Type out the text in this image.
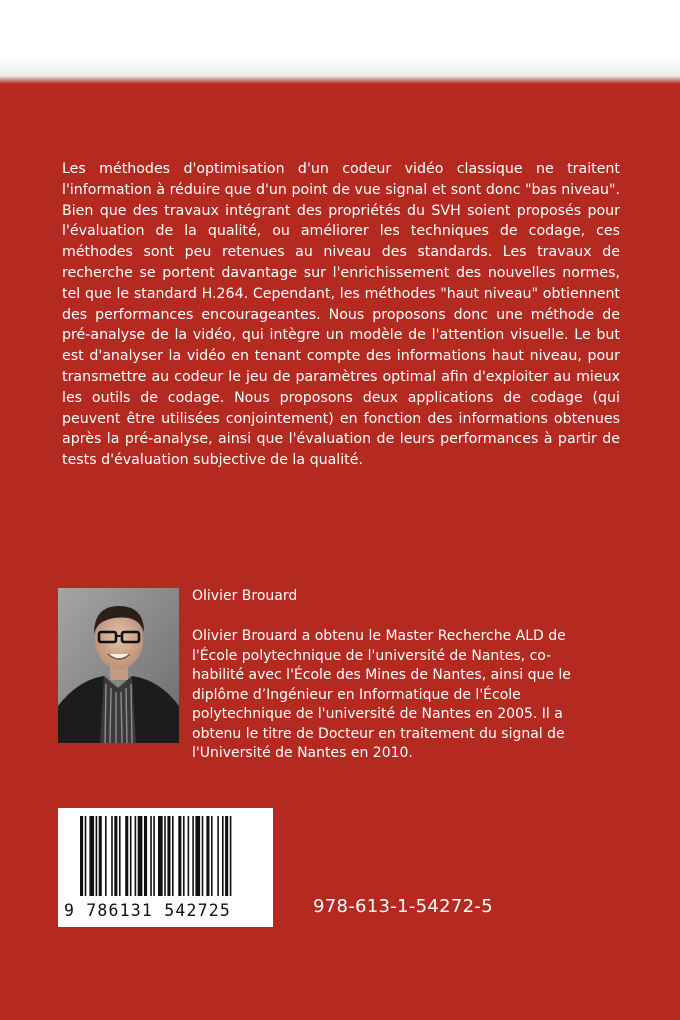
Les méthodes d'optimisation d'un codeur vidéo classique ne traitent l'information à réduire que d'un point de vue signal et sont donc "bas niveau". Bien que des travaux intégrant des propriétés du SVH soient proposés pour l'évaluation de la qualité, ou améliorer les techniques de codage, ces méthodes sont peu retenues au niveau des standards. Les travaux de recherche se portent davantage sur l'enrichissement des nouvelles normes, tel que le standard H.264. Cependant, les méthodes "haut niveau" obtiennent des performances encourageantes. Nous proposons donc une méthode de pré-analyse de la vidéo, qui intègre un modèle de l'attention visuelle. Le but est d'analyser la vidéo en tenant compte des informations haut niveau, pour transmettre au codeur le jeu de paramètres optimal afin d'exploiter au mieux les outils de codage. Nous proposons deux applications de codage (qui peuvent être utilisées conjointement) en fonction des informations obtenues après la pré-analyse, ainsi que l'évaluation de leurs performances à partir de tests d'évaluation subjective de la qualité.

Olivier Brouard

Olivier Brouard a obtenu le Master Recherche ALD de l'École polytechnique de l'université de Nantes, co-habilité avec l'École des Mines de Nantes, ainsi que le diplôme d’Ingénieur en Informatique de l'École polytechnique de l'université de Nantes en 2005. Il a obtenu le titre de Docteur en traitement du signal de l'Université de Nantes en 2010.

9 786131 542725	978-613-1-54272-5
